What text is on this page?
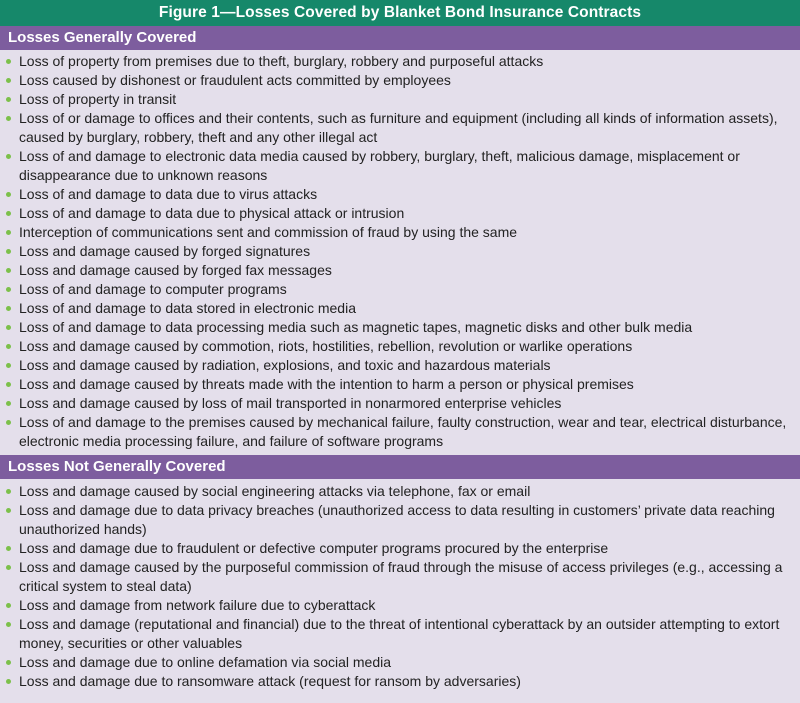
Figure 1—Losses Covered by Blanket Bond Insurance Contracts
Losses Generally Covered
Loss of property from premises due to theft, burglary, robbery and purposeful attacks
Loss caused by dishonest or fraudulent acts committed by employees
Loss of property in transit
Loss of or damage to offices and their contents, such as furniture and equipment (including all kinds of information assets), caused by burglary, robbery, theft and any other illegal act
Loss of and damage to electronic data media caused by robbery, burglary, theft, malicious damage, misplacement or disappearance due to unknown reasons
Loss of and damage to data due to virus attacks
Loss of and damage to data due to physical attack or intrusion
Interception of communications sent and commission of fraud by using the same
Loss and damage caused by forged signatures
Loss and damage caused by forged fax messages
Loss of and damage to computer programs
Loss of and damage to data stored in electronic media
Loss of and damage to data processing media such as magnetic tapes, magnetic disks and other bulk media
Loss and damage caused by commotion, riots, hostilities, rebellion, revolution or warlike operations
Loss and damage caused by radiation, explosions, and toxic and hazardous materials
Loss and damage caused by threats made with the intention to harm a person or physical premises
Loss and damage caused by loss of mail transported in nonarmored enterprise vehicles
Loss of and damage to the premises caused by mechanical failure, faulty construction, wear and tear, electrical disturbance, electronic media processing failure, and failure of software programs
Losses Not Generally Covered
Loss and damage caused by social engineering attacks via telephone, fax or email
Loss and damage due to data privacy breaches (unauthorized access to data resulting in customers’ private data reaching unauthorized hands)
Loss and damage due to fraudulent or defective computer programs procured by the enterprise
Loss and damage caused by the purposeful commission of fraud through the misuse of access privileges (e.g., accessing a critical system to steal data)
Loss and damage from network failure due to cyberattack
Loss and damage (reputational and financial) due to the threat of intentional cyberattack by an outsider attempting to extort money, securities or other valuables
Loss and damage due to online defamation via social media
Loss and damage due to ransomware attack (request for ransom by adversaries)
